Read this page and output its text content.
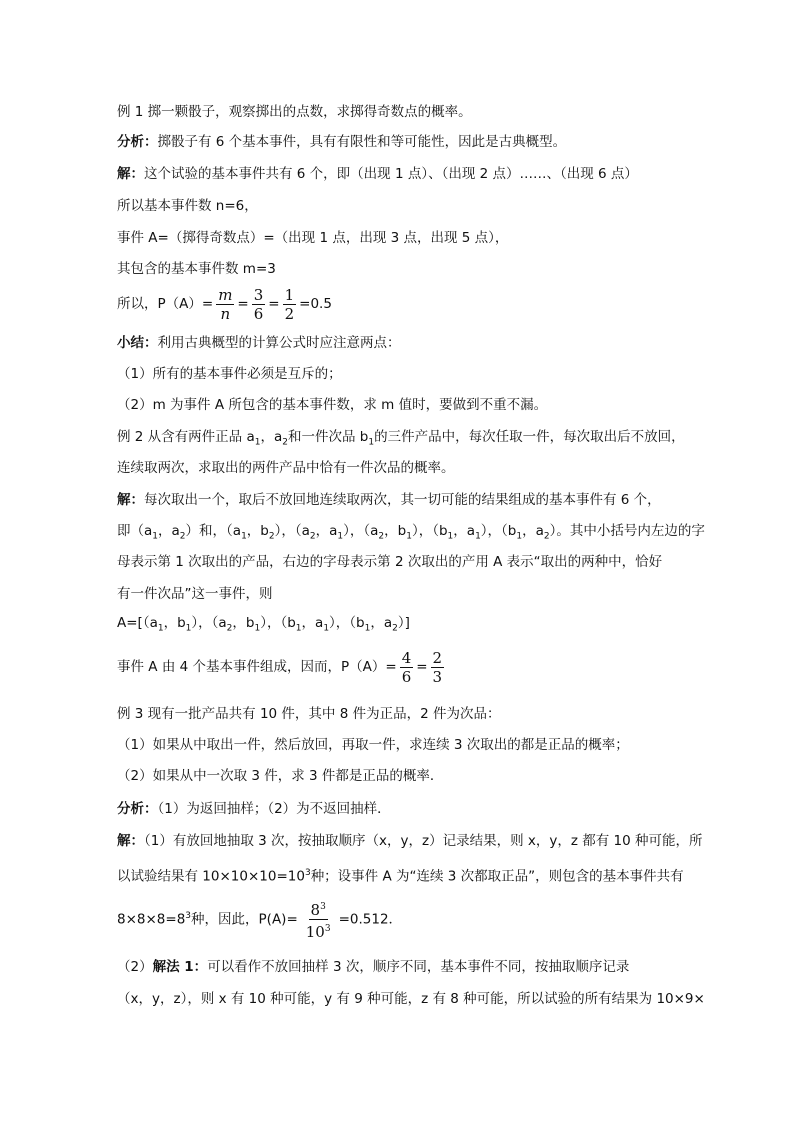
例 1 掷一颗骰子，观察掷出的点数，求掷得奇数点的概率。
分析：掷骰子有 6 个基本事件，具有有限性和等可能性，因此是古典概型。
解：这个试验的基本事件共有 6 个，即（出现 1 点）、（出现 2 点）……、（出现 6 点）
所以基本事件数 n=6，
事件 A=（掷得奇数点）=（出现 1 点，出现 3 点，出现 5 点），
其包含的基本事件数 m=3
所以，$P(A)= \frac{m}{n} = \frac{3}{6} = \frac{1}{2} =0.5$
小结：利用古典概型的计算公式时应注意两点：
（1）所有的基本事件必须是互斥的；
（2）m 为事件 A 所包含的基本事件数，求 m 值时，要做到不重不漏。
例 2 从含有两件正品 $a_1$，$a_2$和一件次品 $b_1$的三件产品中，每次任取一件，每次取出后不放回，
连续取两次，求取出的两件产品中恰有一件次品的概率。
解：每次取出一个，取后不放回地连续取两次，其一切可能的结果组成的基本事件有 6 个，
即（$a_1$，$a_2$）和，（$a_1$，$b_2$），（$a_2$，$a_1$），（$a_2$，$b_1$），（$b_1$，$a_1$），（$b_1$，$a_2$）。其中小括号内左边的字
母表示第 1 次取出的产品，右边的字母表示第 2 次取出的产用 A 表示“取出的两种中，恰好
有一件次品”这一事件，则
$A=[(a_1$，$b_1$），（$a_2$，$b_1$），（$b_1$，$a_1$），（$b_1$，$a_2$）]
事件 A 由 4 个基本事件组成，因而，$P(A)= \frac{4}{6} = \frac{2}{3}$
例 3 现有一批产品共有 10 件，其中 8 件为正品，2 件为次品：
（1）如果从中取出一件，然后放回，再取一件，求连续 3 次取出的都是正品的概率；
（2）如果从中一次取 3 件，求 3 件都是正品的概率．
分析：（1）为返回抽样；（2）为不返回抽样．
解：（1）有放回地抽取 3 次，按抽取顺序（x，y，z）记录结果，则 x，y，z 都有 10 种可能，所
以试验结果有 $10\times 10\times 10=10^3$种；设事件 A 为“连续 3 次都取正品”，则包含的基本事件共有
$8\times 8\times 8=8^3$种，因此，$P(A)= \frac{8^3}{10^3} =0.512$．
（2）解法 1：可以看作不放回抽样 3 次，顺序不同，基本事件不同，按抽取顺序记录
（x，y，z），则 x 有 10 种可能，y 有 9 种可能，z 有 8 种可能，所以试验的所有结果为 10×9×
